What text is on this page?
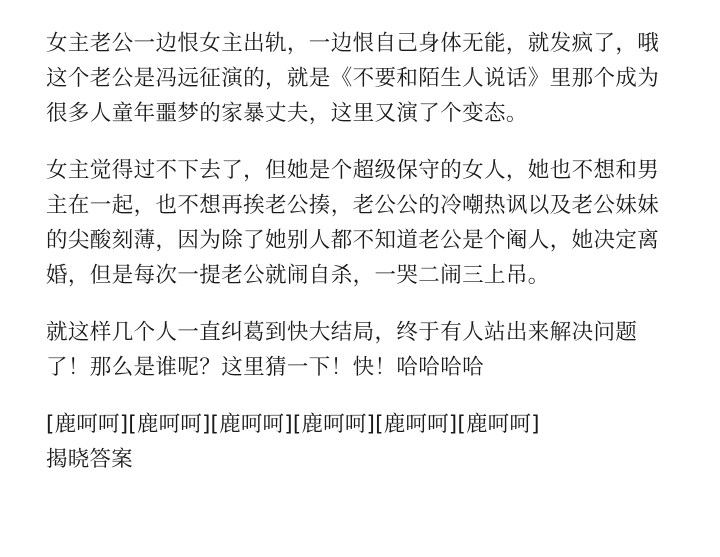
女主老公一边恨女主出轨，一边恨自己身体无能，就发疯了，哦这个老公是冯远征演的，就是《不要和陌生人说话》里那个成为很多人童年噩梦的家暴丈夫，这里又演了个变态。

女主觉得过不下去了，但她是个超级保守的女人，她也不想和男主在一起，也不想再挨老公揍，老公公的冷嘲热讽以及老公妹妹的尖酸刻薄，因为除了她别人都不知道老公是个阉人，她决定离婚，但是每次一提老公就闹自杀，一哭二闹三上吊。

就这样几个人一直纠葛到快大结局，终于有人站出来解决问题了！那么是谁呢？这里猜一下！快！哈哈哈哈

[鹿呵呵][鹿呵呵][鹿呵呵][鹿呵呵][鹿呵呵][鹿呵呵]

揭晓答案
